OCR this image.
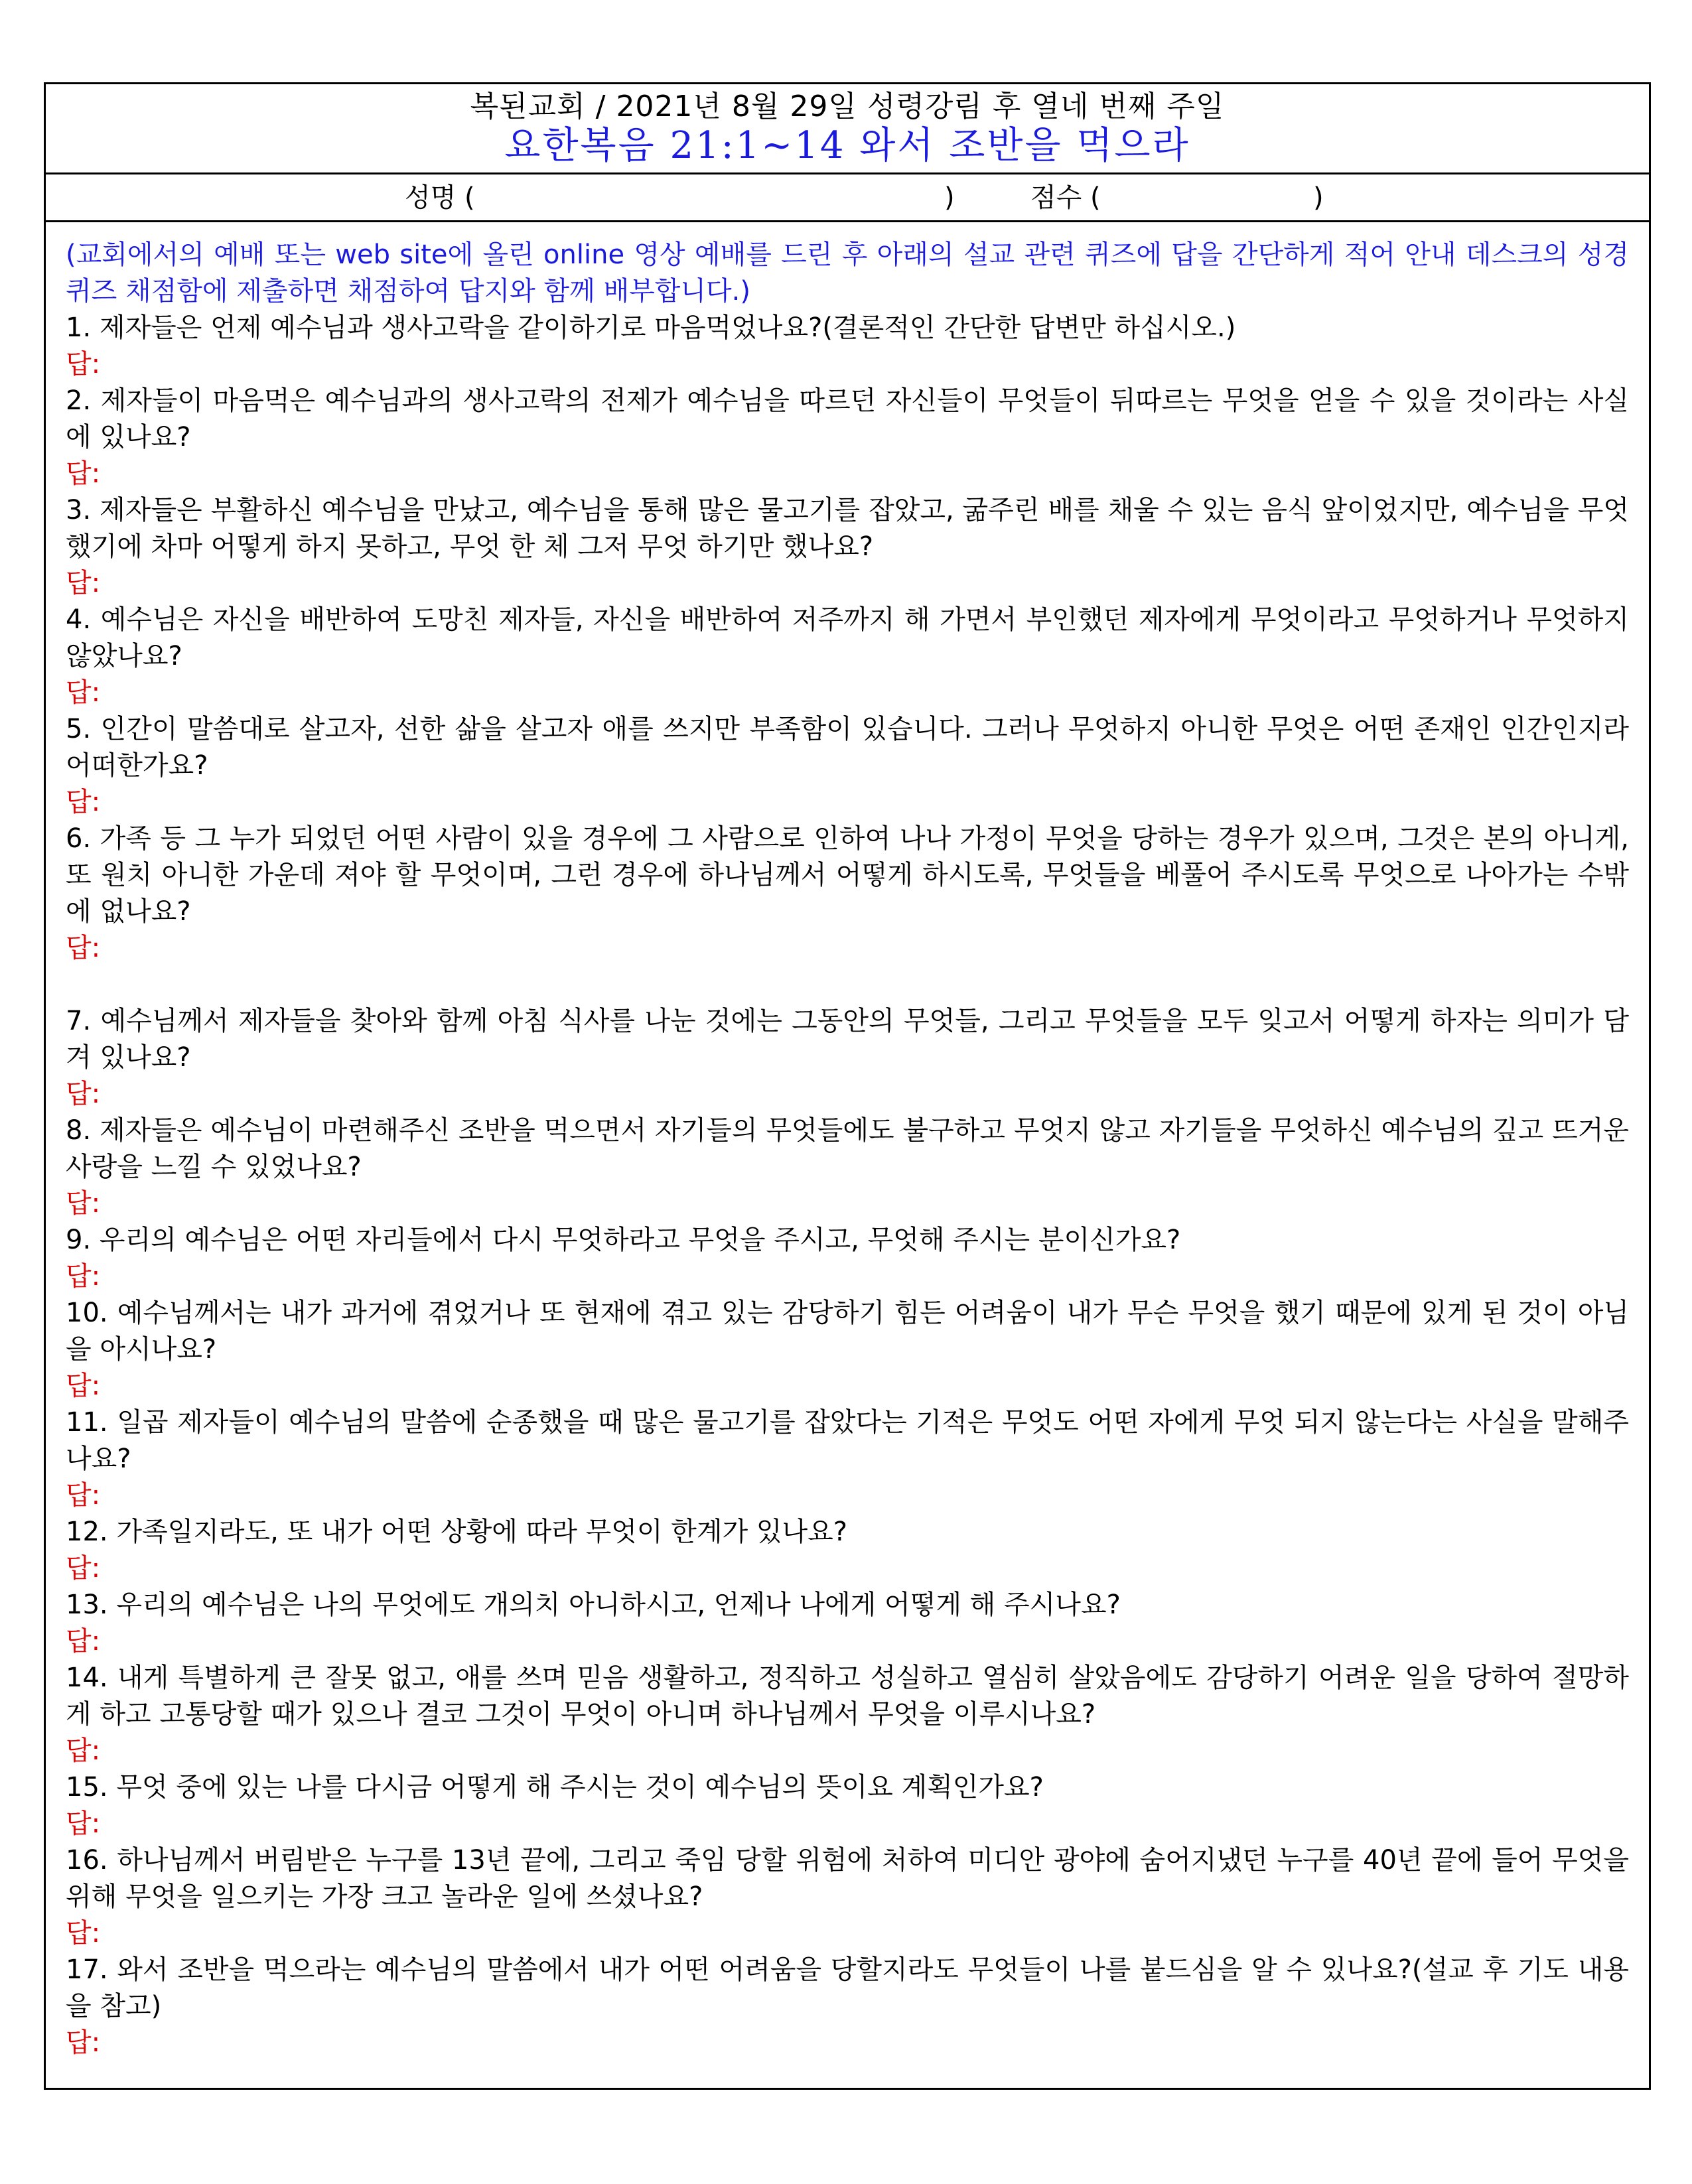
복된교회 / 2021년 8월 29일 성령강림 후 열네 번째 주일
요한복음 21:1~14 와서 조반을 먹으라
성명 (	)	점수 (	)
(교회에서의 예배 또는 web site에 올린 online 영상 예배를 드린 후 아래의 설교 관련 퀴즈에 답을 간단하게 적어 안내 데스크의 성경 퀴즈 채점함에 제출하면 채점하여 답지와 함께 배부합니다.)
1. 제자들은 언제 예수님과 생사고락을 같이하기로 마음먹었나요?(결론적인 간단한 답변만 하십시오.)
답:
2. 제자들이 마음먹은 예수님과의 생사고락의 전제가 예수님을 따르던 자신들이 무엇들이 뒤따르는 무엇을 얻을 수 있을 것이라는 사실에 있나요?
답:
3. 제자들은 부활하신 예수님을 만났고, 예수님을 통해 많은 물고기를 잡았고, 굶주린 배를 채울 수 있는 음식 앞이었지만, 예수님을 무엇했기에 차마 어떻게 하지 못하고, 무엇 한 체 그저 무엇 하기만 했나요?
답:
4. 예수님은 자신을 배반하여 도망친 제자들, 자신을 배반하여 저주까지 해 가면서 부인했던 제자에게 무엇이라고 무엇하거나 무엇하지 않았나요?
답:
5. 인간이 말씀대로 살고자, 선한 삶을 살고자 애를 쓰지만 부족함이 있습니다. 그러나 무엇하지 아니한 무엇은 어떤 존재인 인간인지라 어떠한가요?
답:
6. 가족 등 그 누가 되었던 어떤 사람이 있을 경우에 그 사람으로 인하여 나나 가정이 무엇을 당하는 경우가 있으며, 그것은 본의 아니게, 또 원치 아니한 가운데 져야 할 무엇이며, 그런 경우에 하나님께서 어떻게 하시도록, 무엇들을 베풀어 주시도록 무엇으로 나아가는 수밖에 없나요?
답:
7. 예수님께서 제자들을 찾아와 함께 아침 식사를 나눈 것에는 그동안의 무엇들, 그리고 무엇들을 모두 잊고서 어떻게 하자는 의미가 담겨 있나요?
답:
8. 제자들은 예수님이 마련해주신 조반을 먹으면서 자기들의 무엇들에도 불구하고 무엇지 않고 자기들을 무엇하신 예수님의 깊고 뜨거운 사랑을 느낄 수 있었나요?
답:
9. 우리의 예수님은 어떤 자리들에서 다시 무엇하라고 무엇을 주시고, 무엇해 주시는 분이신가요?
답:
10. 예수님께서는 내가 과거에 겪었거나 또 현재에 겪고 있는 감당하기 힘든 어려움이 내가 무슨 무엇을 했기 때문에 있게 된 것이 아님을 아시나요?
답:
11. 일곱 제자들이 예수님의 말씀에 순종했을 때 많은 물고기를 잡았다는 기적은 무엇도 어떤 자에게 무엇 되지 않는다는 사실을 말해주나요?
답:
12. 가족일지라도, 또 내가 어떤 상황에 따라 무엇이 한계가 있나요?
답:
13. 우리의 예수님은 나의 무엇에도 개의치 아니하시고, 언제나 나에게 어떻게 해 주시나요?
답:
14. 내게 특별하게 큰 잘못 없고, 애를 쓰며 믿음 생활하고, 정직하고 성실하고 열심히 살았음에도 감당하기 어려운 일을 당하여 절망하게 하고 고통당할 때가 있으나 결코 그것이 무엇이 아니며 하나님께서 무엇을 이루시나요?
답:
15. 무엇 중에 있는 나를 다시금 어떻게 해 주시는 것이 예수님의 뜻이요 계획인가요?
답:
16. 하나님께서 버림받은 누구를 13년 끝에, 그리고 죽임 당할 위험에 처하여 미디안 광야에 숨어지냈던 누구를 40년 끝에 들어 무엇을 위해 무엇을 일으키는 가장 크고 놀라운 일에 쓰셨나요?
답:
17. 와서 조반을 먹으라는 예수님의 말씀에서 내가 어떤 어려움을 당할지라도 무엇들이 나를 붙드심을 알 수 있나요?(설교 후 기도 내용을 참고)
답:
